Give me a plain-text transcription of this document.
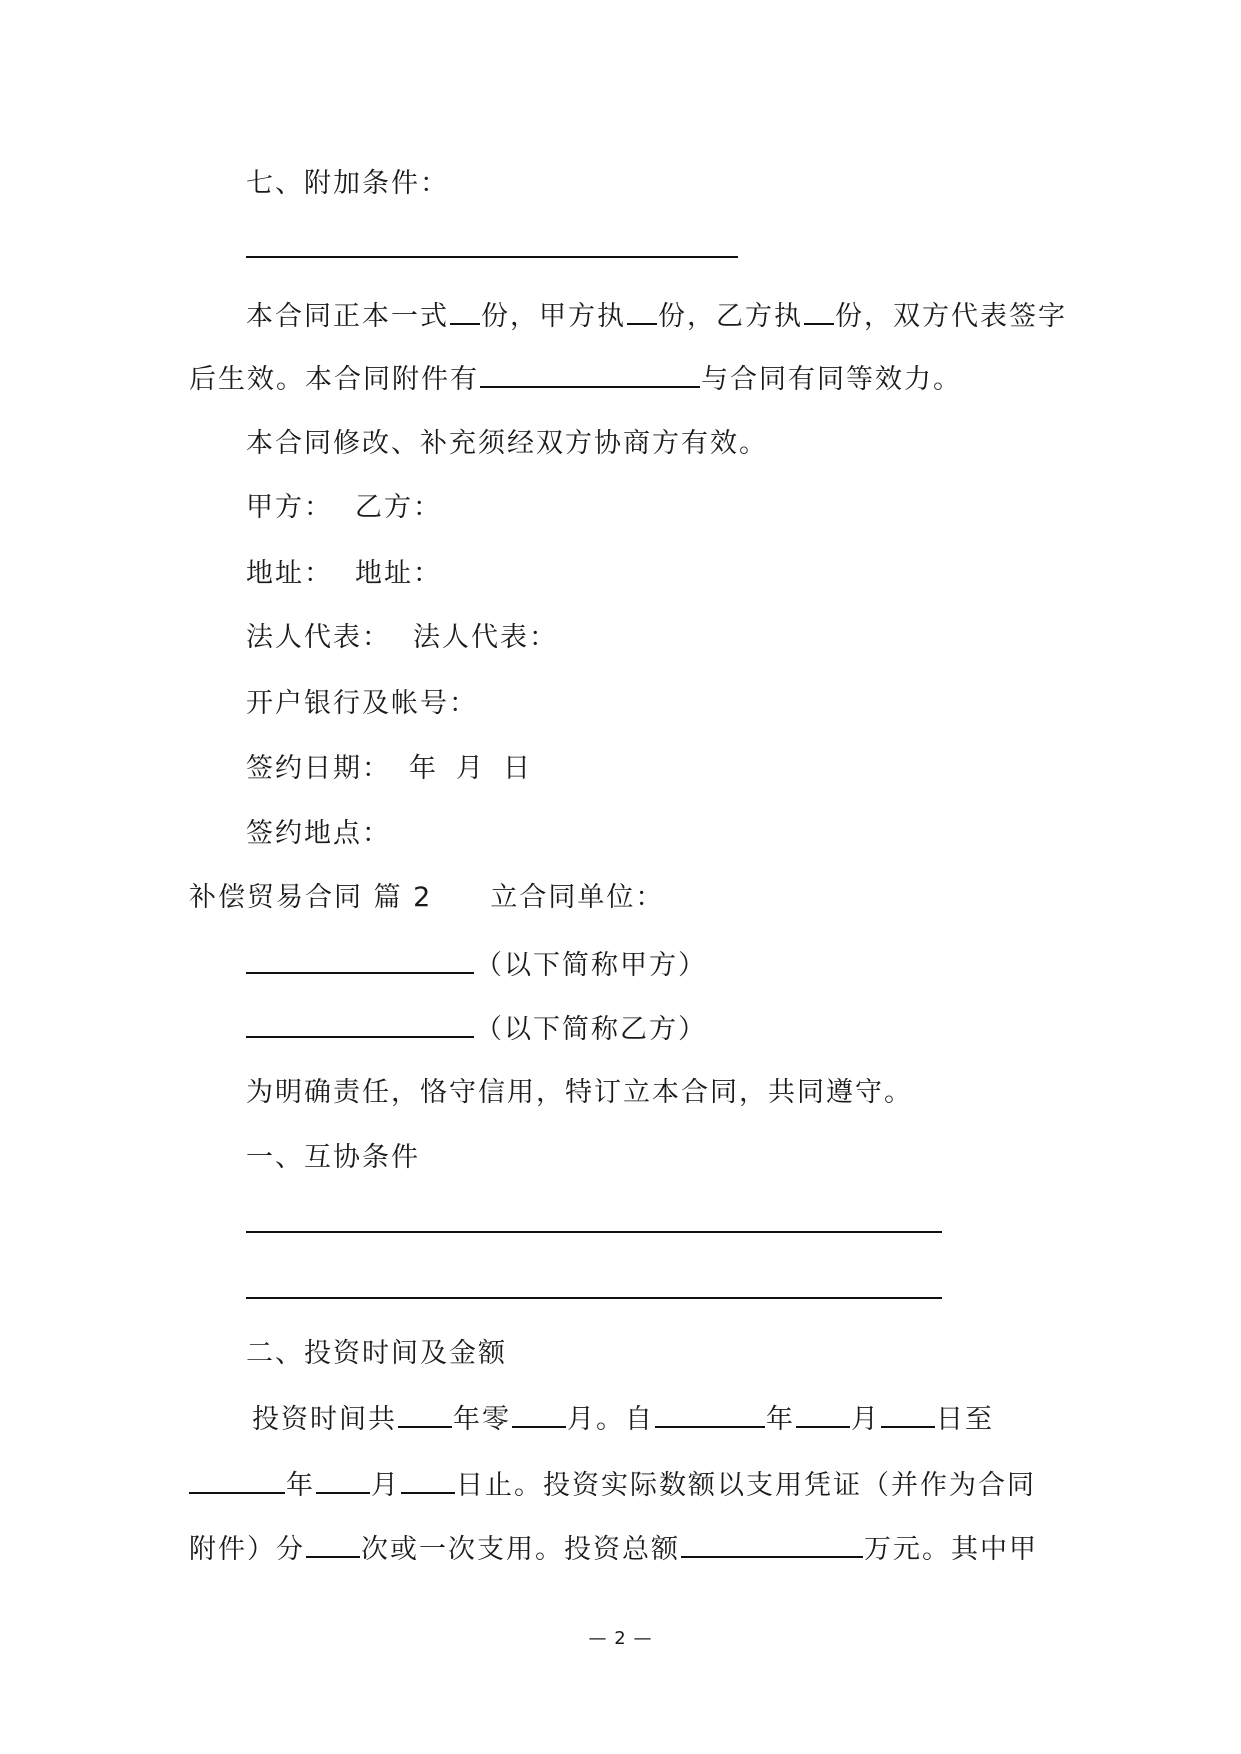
七、附加条件：
本合同正本一式 份，甲方执 份，乙方执 份，双方代表签字
后生效。本合同附件有	与合同有同等效力。
本合同修改、补充须经双方协商方有效。
甲方： 乙方：
地址： 地址：
法人代表： 法人代表：
开户银行及帐号：
签约日期： 年 月 日
签约地点：
补偿贸易合同 篇 2 立合同单位：
（以下简称甲方）
（以下简称乙方）
为明确责任，恪守信用，特订立本合同，共同遵守。
一、互协条件
二、投资时间及金额
投资时间共 年零 月。自	年 月 日至
年 月 日止。投资实际数额以支用凭证（并作为合同
附件）分 次或一次支用。投资总额	万元。其中甲
— 2 —
